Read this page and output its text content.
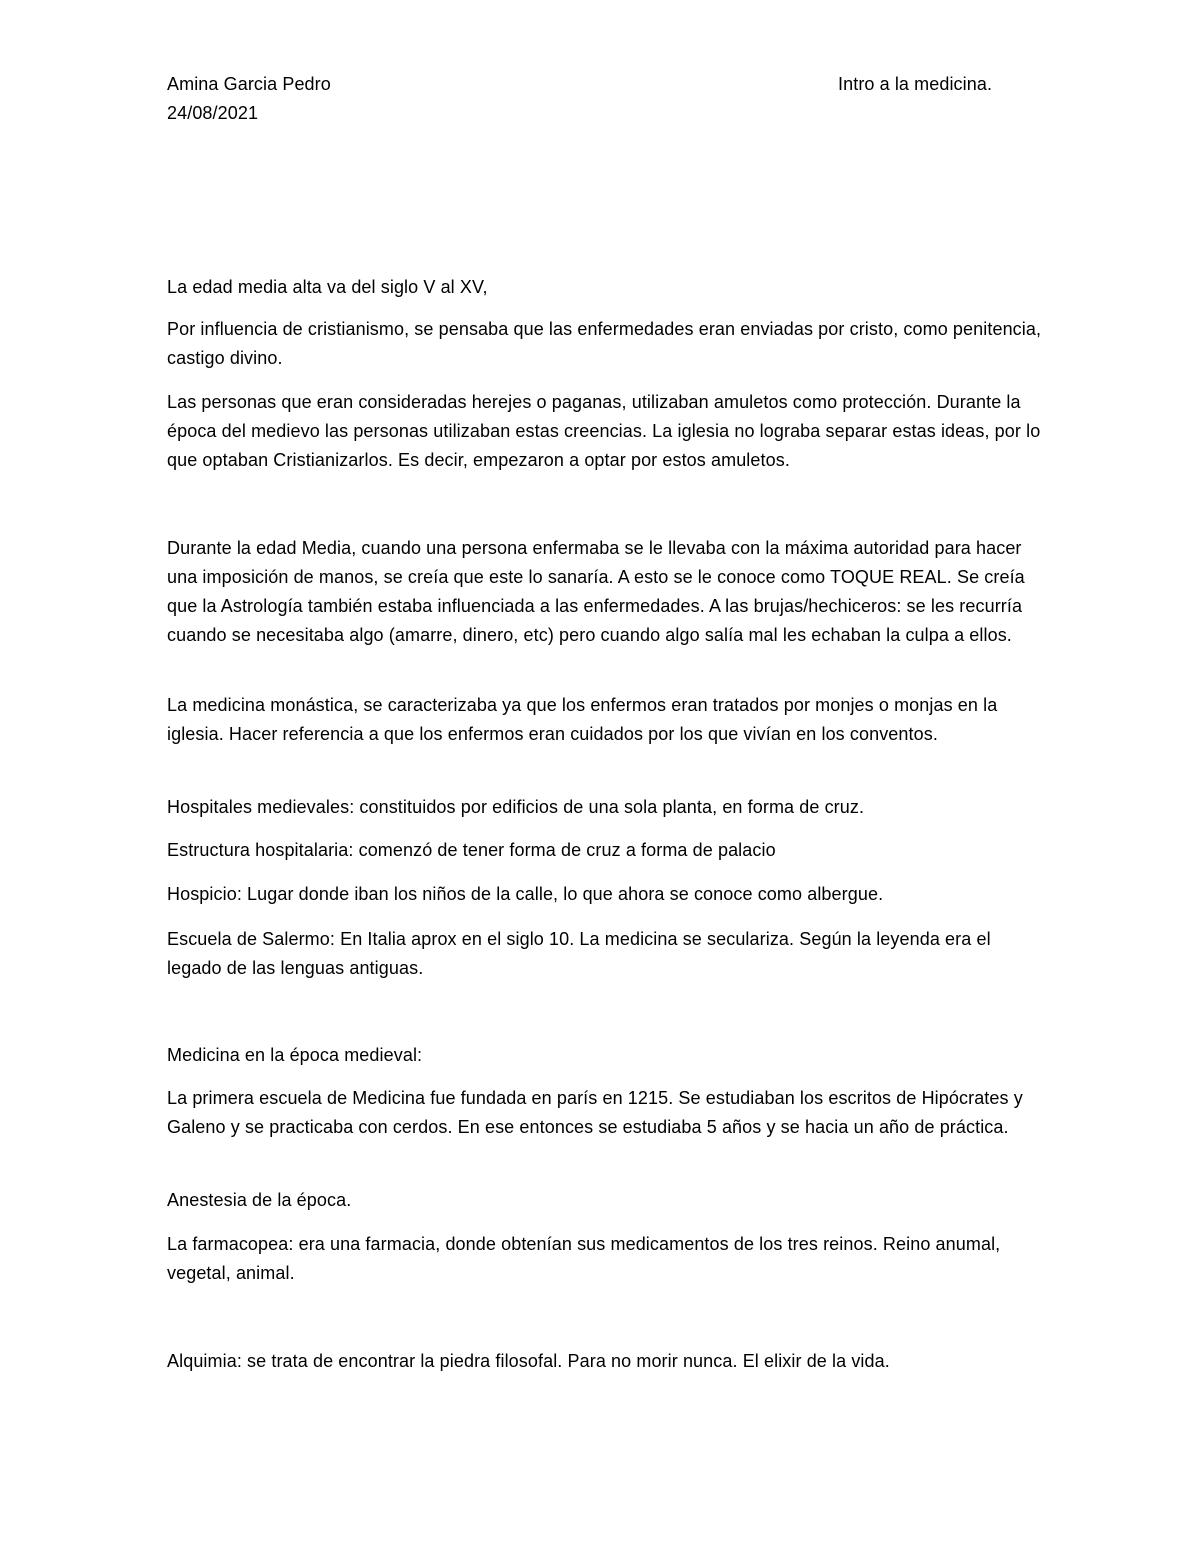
Amina Garcia Pedro
24/08/2021
Intro a la medicina.

La edad media alta va del siglo V al XV,

Por influencia de cristianismo, se pensaba que las enfermedades eran enviadas por cristo, como penitencia, castigo divino.

Las personas que eran consideradas herejes o paganas, utilizaban amuletos como protección. Durante la época del medievo las personas utilizaban estas creencias. La iglesia no lograba separar estas ideas, por lo que optaban Cristianizarlos. Es decir, empezaron a optar por estos amuletos.

Durante la edad Media, cuando una persona enfermaba se le llevaba con la máxima autoridad para hacer una imposición de manos, se creía que este lo sanaría. A esto se le conoce como TOQUE REAL. Se creía que la Astrología también estaba influenciada a las enfermedades. A las brujas/hechiceros: se les recurría cuando se necesitaba algo (amarre, dinero, etc) pero cuando algo salía mal les echaban la culpa a ellos.

La medicina monástica, se caracterizaba ya que los enfermos eran tratados por monjes o monjas en la iglesia. Hacer referencia a que los enfermos eran cuidados por los que vivían en los conventos.

Hospitales medievales: constituidos por edificios de una sola planta, en forma de cruz.

Estructura hospitalaria: comenzó de tener forma de cruz a forma de palacio

Hospicio: Lugar donde iban los niños de la calle, lo que ahora se conoce como albergue.

Escuela de Salermo: En Italia aprox en el siglo 10. La medicina se seculariza. Según la leyenda era el legado de las lenguas antiguas.

Medicina en la época medieval:

La primera escuela de Medicina fue fundada en parís en 1215. Se estudiaban los escritos de Hipócrates y Galeno y se practicaba con cerdos. En ese entonces se estudiaba 5 años y se hacia un año de práctica.

Anestesia de la época.

La farmacopea: era una farmacia, donde obtenían sus medicamentos de los tres reinos. Reino anumal, vegetal, animal.

Alquimia: se trata de encontrar la piedra filosofal. Para no morir nunca. El elixir de la vida.
